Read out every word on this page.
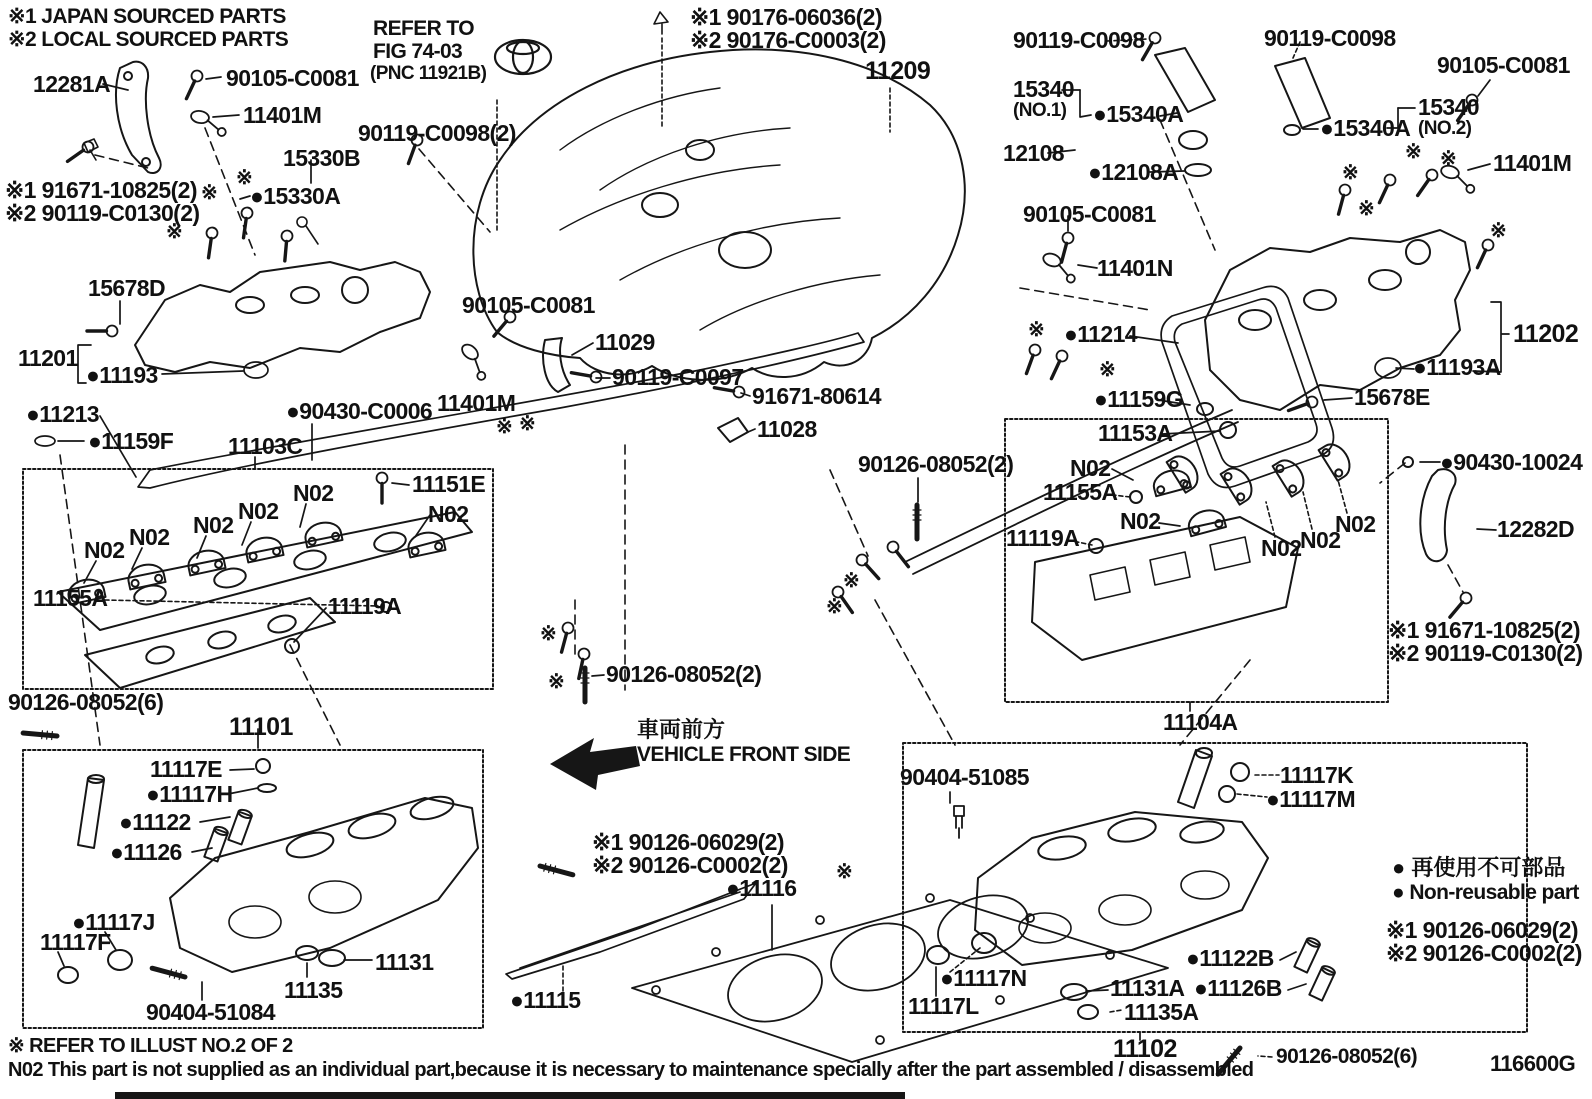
※1 JAPAN SOURCED PARTS
※2 LOCAL SOURCED PARTS	REFER TO
FIG 74-03
(PNC 11921B)
12281A	90105-C0081
11401M
90119-C0098(2)
15330B
●15330A
※1 91671-10825(2)
※2 90119-C0130(2)
15678D
11201
●11193
●11213
●11159F 11103C
●90430-C0006
11151E
N02 N02 N02
N02
N02
N02
11155A	11119A
90126-08052(6)
11101
11117E
●11117H
●11122
●11126
●11117J
11117F
90404-51084
11135
11131
●11115
※1 90126-06029(2)
※2 90126-C0002(2)
●11116
車両前方
VEHICLE FRONT SIDE
90126-08052(2)
90126-08052(2)
※1 90176-06036(2)
※2 90176-C0003(2)
11209
91671-80614
11028
11029
90119-C0097
90105-C0081
11401M
90119-C0098
15340
(NO.1) ●15340A
12108
●12108A
90119-C0098
90105-C0081
●15340A
15340
(NO.2)
11401M
90105-C0081
11401N
●11214	11202
●11193A
15678E
●11159G
11153A
N02
11155A
N02
11119A	N02
N02
N02
●90430-10024
12282D
※1 91671-10825(2)
※2 90119-C0130(2)
11104A
90404-51085	11117K
●11117M
●11122B
●11126B
11131A
11135A
●11117N
11117L
11102	90126-08052(6)
● 再使用不可部品
● Non-reusable part
※1 90126-06029(2)
※2 90126-C0002(2)
116600G
※ REFER TO ILLUST NO.2 OF 2
N02 This part is not supplied as an individual part,because it is necessary to maintenance specially after the part assembled / disassembled
※
※
※
※ ※
※
※
※
※
※
※
※
※
※ ※
※
※
